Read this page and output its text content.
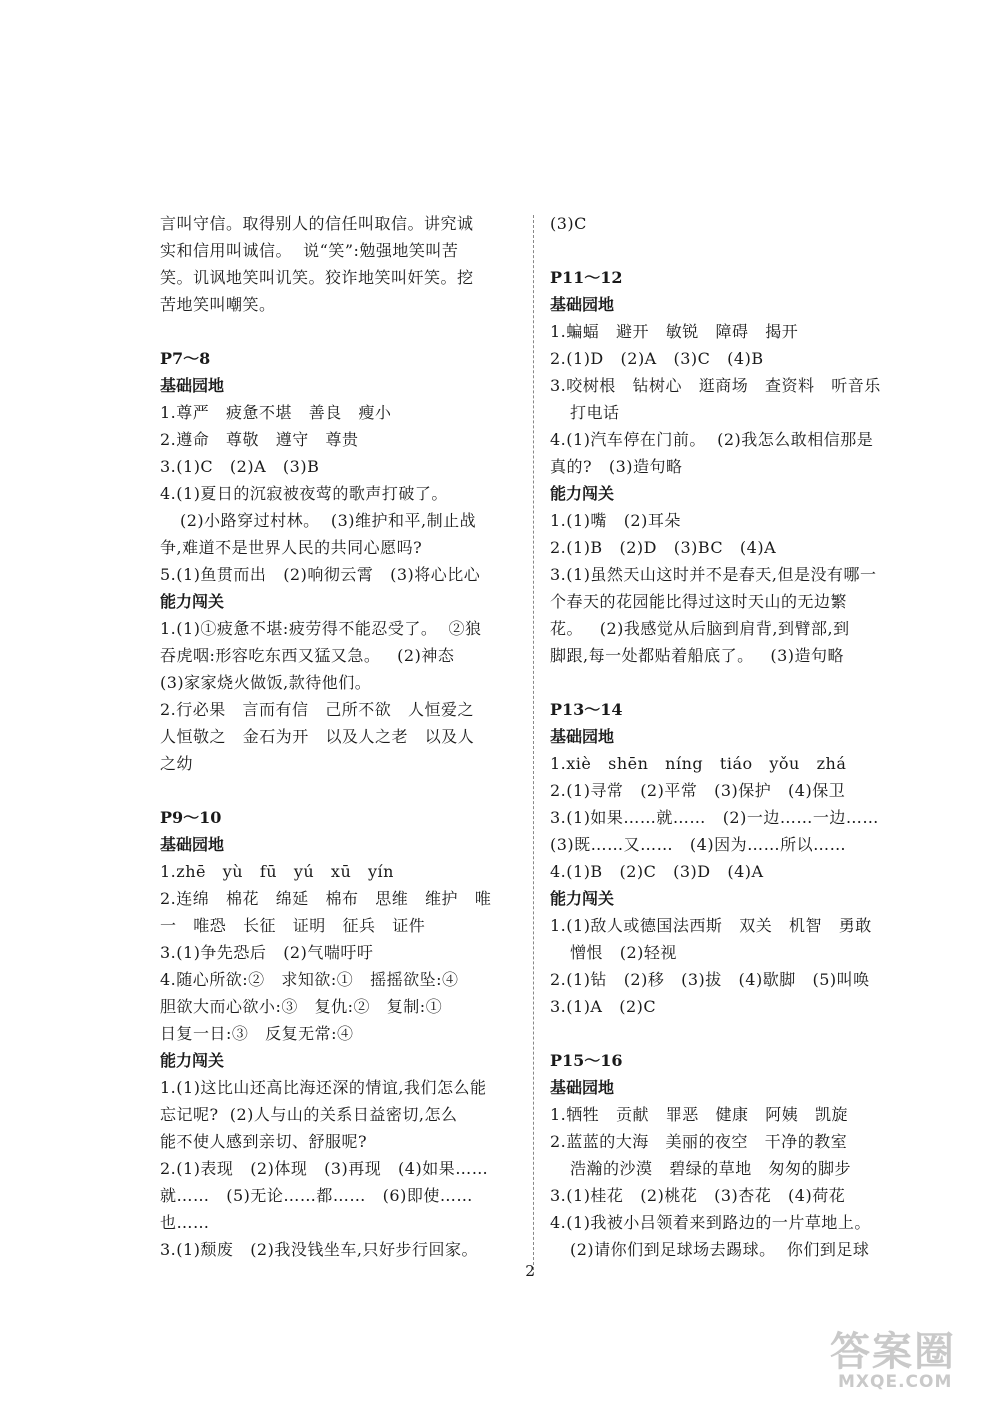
言叫守信。取得别人的信任叫取信。讲究诚
实和信用叫诚信。  说“笑”:勉强地笑叫苦
笑。讥讽地笑叫讥笑。狡诈地笑叫奸笑。挖
苦地笑叫嘲笑。
P7～8
基础园地
1.尊严   疲惫不堪   善良   瘦小
2.遵命   尊敬   遵守   尊贵
3.(1)C   (2)A   (3)B
4.(1)夏日的沉寂被夜莺的歌声打破了。
(2)小路穿过村林。  (3)维护和平,制止战
争,难道不是世界人民的共同心愿吗?
5.(1)鱼贯而出   (2)响彻云霄   (3)将心比心
能力闯关
1.(1)①疲惫不堪:疲劳得不能忍受了。  ②狼
吞虎咽:形容吃东西又猛又急。   (2)神态
(3)家家烧火做饭,款待他们。
2.行必果   言而有信   己所不欲   人恒爱之
人恒敬之   金石为开   以及人之老   以及人
之幼
P9～10
基础园地
1.zhē   yù   fū   yú   xū   yín
2.连绵   棉花   绵延   棉布   思维   维护   唯
一   唯恐   长征   证明   征兵   证件
3.(1)争先恐后   (2)气喘吁吁
4.随心所欲:②   求知欲:①   摇摇欲坠:④
胆欲大而心欲小:③   复仇:②   复制:①
日复一日:③   反复无常:④
能力闯关
1.(1)这比山还高比海还深的情谊,我们怎么能
忘记呢?  (2)人与山的关系日益密切,怎么
能不使人感到亲切、舒服呢?
2.(1)表现   (2)体现   (3)再现   (4)如果……
就……   (5)无论……都……   (6)即使……
也……
3.(1)颓废   (2)我没钱坐车,只好步行回家。
(3)C
P11～12
基础园地
1.蝙蝠   避开   敏锐   障碍   揭开
2.(1)D   (2)A   (3)C   (4)B
3.咬树根   钻树心   逛商场   查资料   听音乐
打电话
4.(1)汽车停在门前。  (2)我怎么敢相信那是
真的?   (3)造句略
能力闯关
1.(1)嘴   (2)耳朵
2.(1)B   (2)D   (3)BC   (4)A
3.(1)虽然天山这时并不是春天,但是没有哪一
个春天的花园能比得过这时天山的无边繁
花。   (2)我感觉从后脑到肩背,到臂部,到
脚跟,每一处都贴着船底了。   (3)造句略
P13～14
基础园地
1.xiè   shēn   níng   tiáo   yǒu   zhá
2.(1)寻常   (2)平常   (3)保护   (4)保卫
3.(1)如果……就……   (2)一边……一边……
(3)既……又……   (4)因为……所以……
4.(1)B   (2)C   (3)D   (4)A
能力闯关
1.(1)敌人或德国法西斯   双关   机智   勇敢
憎恨   (2)轻视
2.(1)钻   (2)移   (3)拔   (4)歇脚   (5)叫唤
3.(1)A   (2)C
P15～16
基础园地
1.牺牲   贡献   罪恶   健康   阿姨   凯旋
2.蓝蓝的大海   美丽的夜空   干净的教室
浩瀚的沙漠   碧绿的草地   匆匆的脚步
3.(1)桂花   (2)桃花   (3)杏花   (4)荷花
4.(1)我被小吕领着来到路边的一片草地上。
(2)请你们到足球场去踢球。  你们到足球
2
答案圈
MXQE.COM
